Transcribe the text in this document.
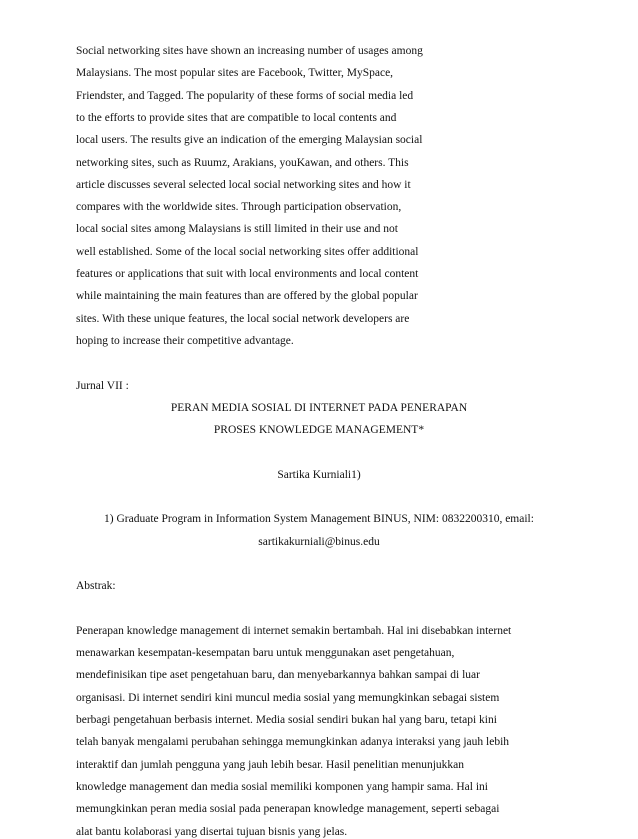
Social networking sites have shown an increasing number of usages among
Malaysians. The most popular sites are Facebook, Twitter, MySpace,
Friendster, and Tagged. The popularity of these forms of social media led
to the efforts to provide sites that are compatible to local contents and
local users. The results give an indication of the emerging Malaysian social
networking sites, such as Ruumz, Arakians, youKawan, and others. This
article discusses several selected local social networking sites and how it
compares with the worldwide sites. Through participation observation,
local social sites among Malaysians is still limited in their use and not
well established. Some of the local social networking sites offer additional
features or applications that suit with local environments and local content
while maintaining the main features than are offered by the global popular
sites. With these unique features, the local social network developers are
hoping to increase their competitive advantage.
Jurnal VII :
PERAN MEDIA SOSIAL DI INTERNET PADA PENERAPAN
PROSES KNOWLEDGE MANAGEMENT*
Sartika Kurniali1)
1) Graduate Program in Information System Management BINUS, NIM: 0832200310, email:
sartikakurniali@binus.edu
Abstrak:
Penerapan knowledge management di internet semakin bertambah. Hal ini disebabkan internet
menawarkan kesempatan-kesempatan baru untuk menggunakan aset pengetahuan,
mendefinisikan tipe aset pengetahuan baru, dan menyebarkannya bahkan sampai di luar
organisasi. Di internet sendiri kini muncul media sosial yang memungkinkan sebagai sistem
berbagi pengetahuan berbasis internet. Media sosial sendiri bukan hal yang baru, tetapi kini
telah banyak mengalami perubahan sehingga memungkinkan adanya interaksi yang jauh lebih
interaktif dan jumlah pengguna yang jauh lebih besar. Hasil penelitian menunjukkan
knowledge management dan media sosial memiliki komponen yang hampir sama. Hal ini
memungkinkan peran media sosial pada penerapan knowledge management, seperti sebagai
alat bantu kolaborasi yang disertai tujuan bisnis yang jelas.
